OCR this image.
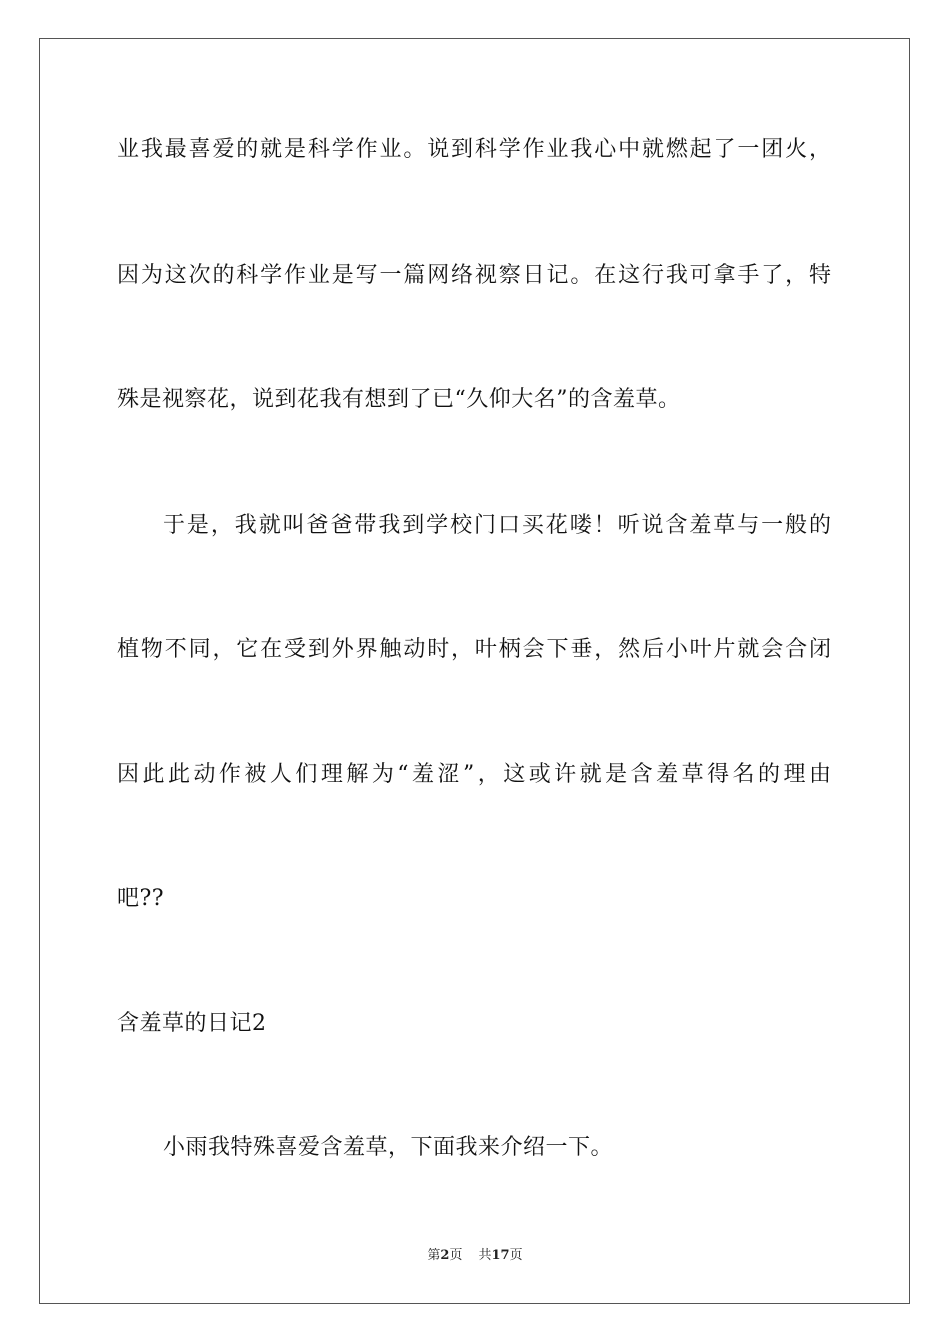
业我最喜爱的就是科学作业。说到科学作业我心中就燃起了一团火，
因为这次的科学作业是写一篇网络视察日记。在这行我可拿手了，特
殊是视察花，说到花我有想到了已“久仰大名”的含羞草。
于是，我就叫爸爸带我到学校门口买花喽！听说含羞草与一般的
植物不同，它在受到外界触动时，叶柄会下垂，然后小叶片就会合闭
因此此动作被人们理解为“羞涩”，这或许就是含羞草得名的理由
吧??
含羞草的日记2
小雨我特殊喜爱含羞草，下面我来介绍一下。
第2页 共17页
